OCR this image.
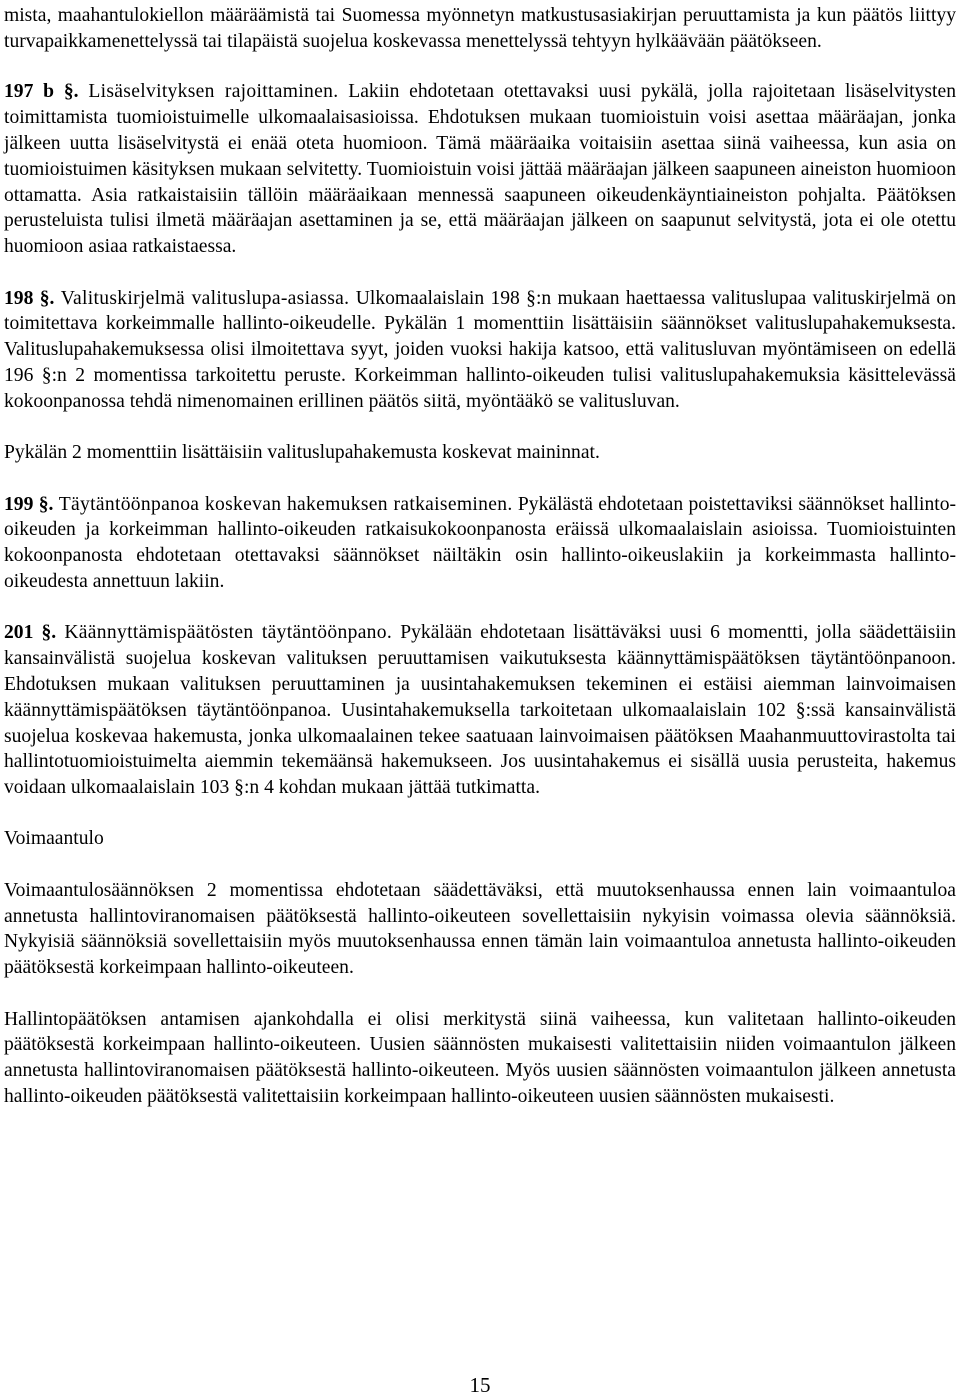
mista, maahantulokiellon määräämistä tai Suomessa myönnetyn matkustusasiakirjan peruuttamista ja kun päätös liittyy turvapaikkamenettelyssä tai tilapäistä suojelua koskevassa menettelyssä tehtyyn hylkäävään päätökseen.

197 b §. Lisäselvityksen rajoittaminen. Lakiin ehdotetaan otettavaksi uusi pykälä, jolla rajoitetaan lisäselvitysten toimittamista tuomioistuimelle ulkomaalaisasioissa. Ehdotuksen mukaan tuomioistuin voisi asettaa määräajan, jonka jälkeen uutta lisäselvitystä ei enää oteta huomioon. Tämä määräaika voitaisiin asettaa siinä vaiheessa, kun asia on tuomioistuimen käsityksen mukaan selvitetty. Tuomioistuin voisi jättää määräajan jälkeen saapuneen aineiston huomioon ottamatta. Asia ratkaistaisiin tällöin määräaikaan mennessä saapuneen oikeudenkäyntiaineiston pohjalta. Päätöksen perusteluista tulisi ilmetä määräajan asettaminen ja se, että määräajan jälkeen on saapunut selvitystä, jota ei ole otettu huomioon asiaa ratkaistaessa.

198 §. Valituskirjelmä valituslupa-asiassa. Ulkomaalaislain 198 §:n mukaan haettaessa valituslupaa valituskirjelmä on toimitettava korkeimmalle hallinto-oikeudelle. Pykälän 1 momenttiin lisättäisiin säännökset valituslupahakemuksesta. Valituslupahakemuksessa olisi ilmoitettava syyt, joiden vuoksi hakija katsoo, että valitusluvan myöntämiseen on edellä 196 §:n 2 momentissa tarkoitettu peruste. Korkeimman hallinto-oikeuden tulisi valituslupahakemuksia käsittelevässä kokoonpanossa tehdä nimenomainen erillinen päätös siitä, myöntääkö se valitusluvan.

Pykälän 2 momenttiin lisättäisiin valituslupahakemusta koskevat maininnat.

199 §. Täytäntöönpanoa koskevan hakemuksen ratkaiseminen. Pykälästä ehdotetaan poistettaviksi säännökset hallinto-oikeuden ja korkeimman hallinto-oikeuden ratkaisukokoonpanosta eräissä ulkomaalaislain asioissa. Tuomioistuinten kokoonpanosta ehdotetaan otettavaksi säännökset näiltäkin osin hallinto-oikeuslakiin ja korkeimmasta hallinto-oikeudesta annettuun lakiin.

201 §. Käännyttämispäätösten täytäntöönpano. Pykälään ehdotetaan lisättäväksi uusi 6 momentti, jolla säädettäisiin kansainvälistä suojelua koskevan valituksen peruuttamisen vaikutuksesta käännyttämispäätöksen täytäntöönpanoon. Ehdotuksen mukaan valituksen peruuttaminen ja uusintahakemuksen tekeminen ei estäisi aiemman lainvoimaisen käännyttämispäätöksen täytäntöönpanoa. Uusintahakemuksella tarkoitetaan ulkomaalaislain 102 §:ssä kansainvälistä suojelua koskevaa hakemusta, jonka ulkomaalainen tekee saatuaan lainvoimaisen päätöksen Maahanmuuttovirastolta tai hallintotuomioistuimelta aiemmin tekemäänsä hakemukseen. Jos uusintahakemus ei sisällä uusia perusteita, hakemus voidaan ulkomaalaislain 103 §:n 4 kohdan mukaan jättää tutkimatta.

Voimaantulo

Voimaantulosäännöksen 2 momentissa ehdotetaan säädettäväksi, että muutoksenhaussa ennen lain voimaantuloa annetusta hallintoviranomaisen päätöksestä hallinto-oikeuteen sovellettaisiin nykyisin voimassa olevia säännöksiä. Nykyisiä säännöksiä sovellettaisiin myös muutoksenhaussa ennen tämän lain voimaantuloa annetusta hallinto-oikeuden päätöksestä korkeimpaan hallinto-oikeuteen.

Hallintopäätöksen antamisen ajankohdalla ei olisi merkitystä siinä vaiheessa, kun valitetaan hallinto-oikeuden päätöksestä korkeimpaan hallinto-oikeuteen. Uusien säännösten mukaisesti valitettaisiin niiden voimaantulon jälkeen annetusta hallintoviranomaisen päätöksestä hallinto-oikeuteen. Myös uusien säännösten voimaantulon jälkeen annetusta hallinto-oikeuden päätöksestä valitettaisiin korkeimpaan hallinto-oikeuteen uusien säännösten mukaisesti.

15
